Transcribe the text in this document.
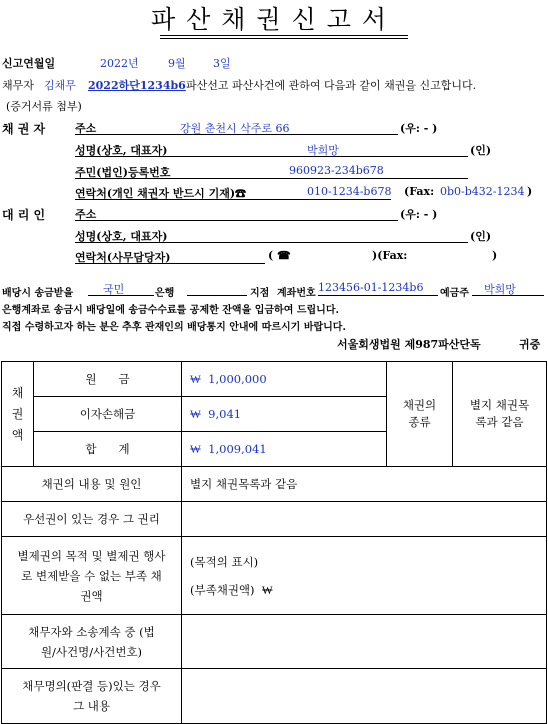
파산채권신고서
신고연월일	2022년	9월 3일
채무자 김채무 2022하단1234b6 파산선고 파산사건에 관하여 다음과 같이 채권을 신고합니다.
(증거서류 첨부)
채 권 자	주소	강원 춘천시 삭주로 66	(우: - )
성명(상호, 대표자)	박희망	(인)
주민(법인)등록번호	960923-234b678
연락처(개인 채권자 반드시 기재)☎	010-1234-b678 (Fax: 0b0-b432-1234 )
대 리 인	주소	(우: - )
성명(상호, 대표자)	(인)
연락처(사무담당자)	( ☎	)(Fax:	)
배당시 송금받을	국민	은행	지점 계좌번호 123456-01-1234b6 예금주 박희망
은행계좌로 송금시 배당일에 송금수수료를 공제한 잔액을 입금하여 드립니다.
직접 수령하고자 하는 분은 추후 관재인의 배당통지 안내에 따르시기 바랍니다.
서울회생법원 제987파산단독	귀중
채권액	원      금	₩  1,000,000	채권의 종류	별지 채권목록과 같음

	이자손해금	₩  9,041		
	합      계	₩  1,009,041		
채권의 내용 및 원인		별지 채권목록과 같음		
우선권이 있는 경우 그 권리				

별제권의 목적 및 별제권 행사로 변제받을 수 없는 부족 채권액		(목적의 표시)
(부족채권액)  ₩		

채무자와 소송계속 중 (법원/사건명/사건번호)				

채무명의(판결 등)있는 경우 그 내용				
